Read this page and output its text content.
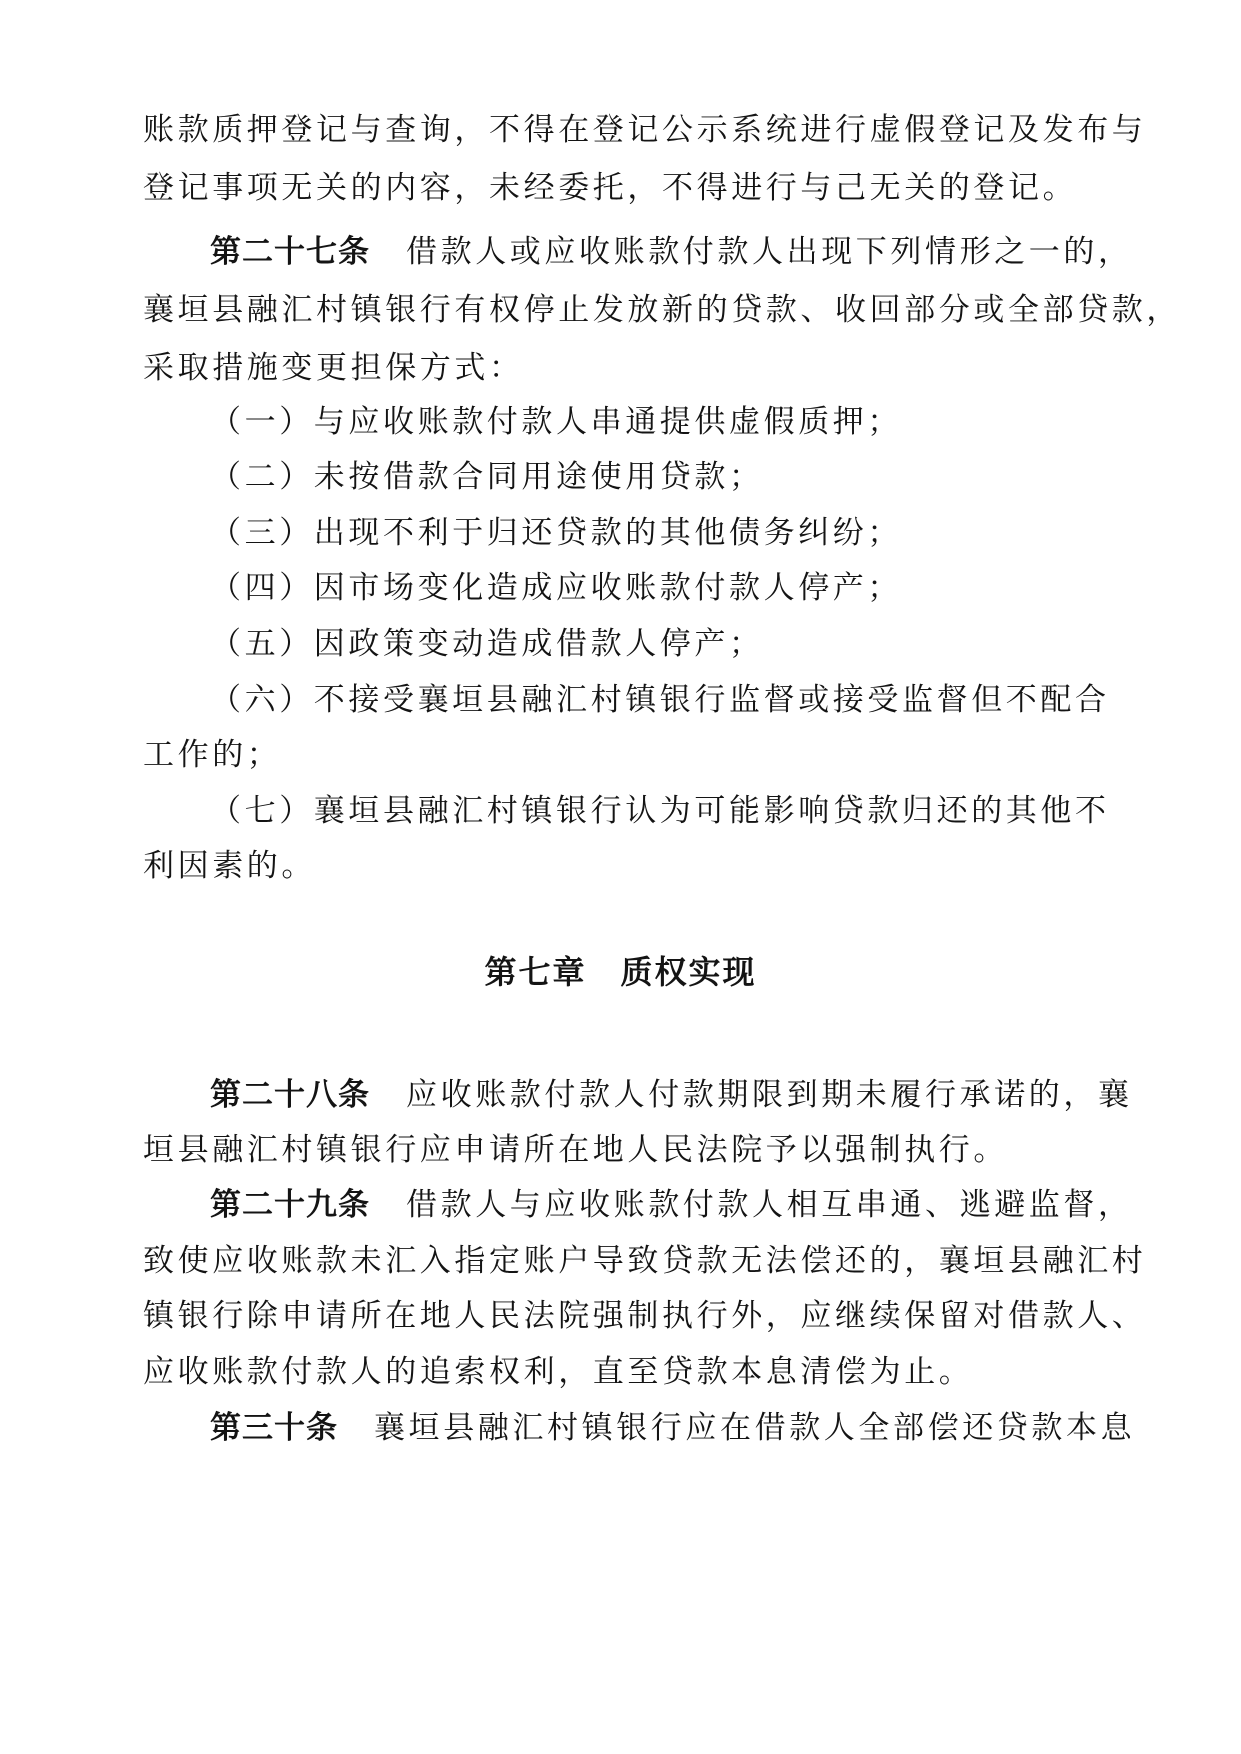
账款质押登记与查询，不得在登记公示系统进行虚假登记及发布与
登记事项无关的内容，未经委托，不得进行与己无关的登记。
第二十七条 借款人或应收账款付款人出现下列情形之一的，
襄垣县融汇村镇银行有权停止发放新的贷款、收回部分或全部贷款，
采取措施变更担保方式：
（一）与应收账款付款人串通提供虚假质押；
（二）未按借款合同用途使用贷款；
（三）出现不利于归还贷款的其他债务纠纷；
（四）因市场变化造成应收账款付款人停产；
（五）因政策变动造成借款人停产；
（六）不接受襄垣县融汇村镇银行监督或接受监督但不配合
工作的；
（七）襄垣县融汇村镇银行认为可能影响贷款归还的其他不
利因素的。
第七章 质权实现
第二十八条 应收账款付款人付款期限到期未履行承诺的，襄
垣县融汇村镇银行应申请所在地人民法院予以强制执行。
第二十九条 借款人与应收账款付款人相互串通、逃避监督，
致使应收账款未汇入指定账户导致贷款无法偿还的，襄垣县融汇村
镇银行除申请所在地人民法院强制执行外，应继续保留对借款人、
应收账款付款人的追索权利，直至贷款本息清偿为止。
第三十条 襄垣县融汇村镇银行应在借款人全部偿还贷款本息
